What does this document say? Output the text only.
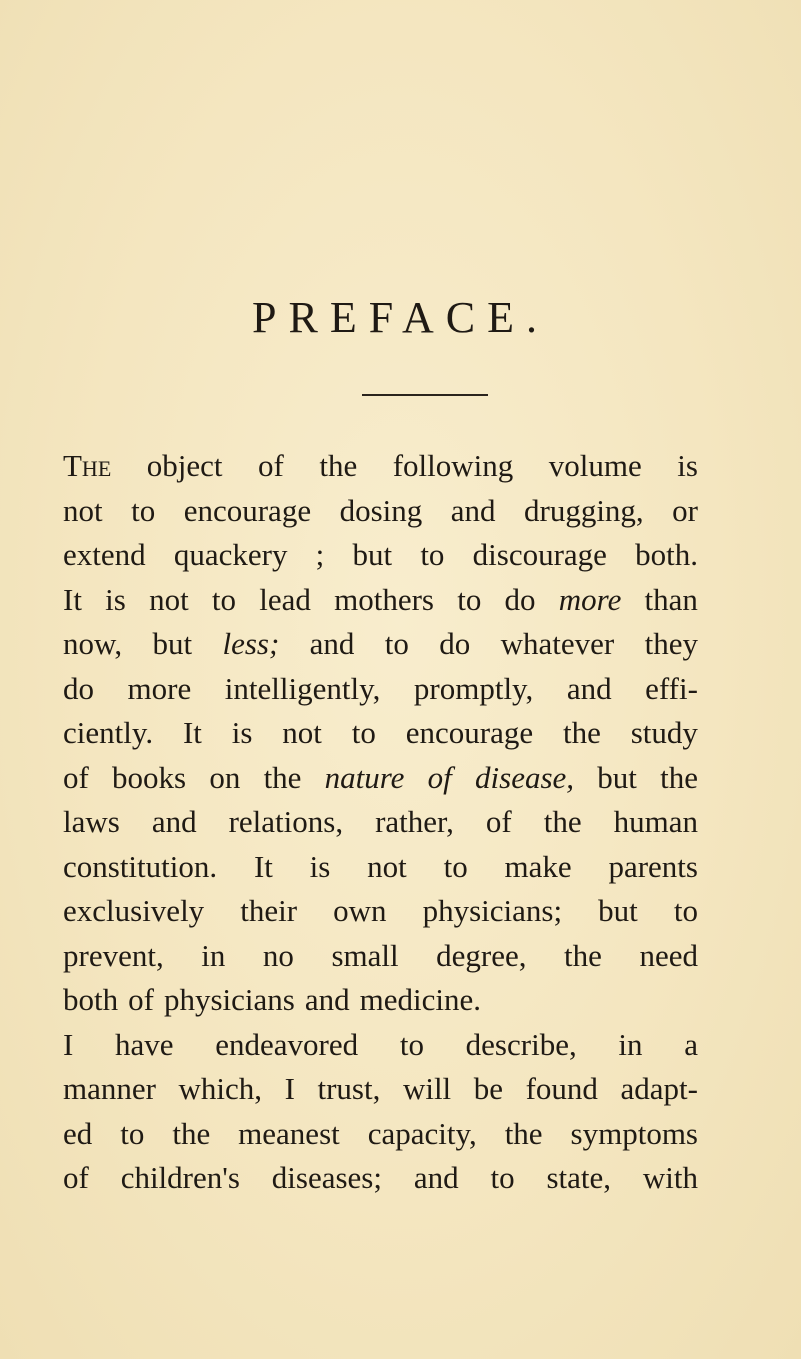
PREFACE.
The object of the following volume is
not to encourage dosing and drugging, or
extend quackery ; but to discourage both.
It is not to lead mothers to do more than
now, but less; and to do whatever they
do more intelligently, promptly, and effi-
ciently. It is not to encourage the study
of books on the nature of disease, but the
laws and relations, rather, of the human
constitution. It is not to make parents
exclusively their own physicians; but to
prevent, in no small degree, the need
both of physicians and medicine.
I have endeavored to describe, in a
manner which, I trust, will be found adapt-
ed to the meanest capacity, the symptoms
of children's diseases; and to state, with
